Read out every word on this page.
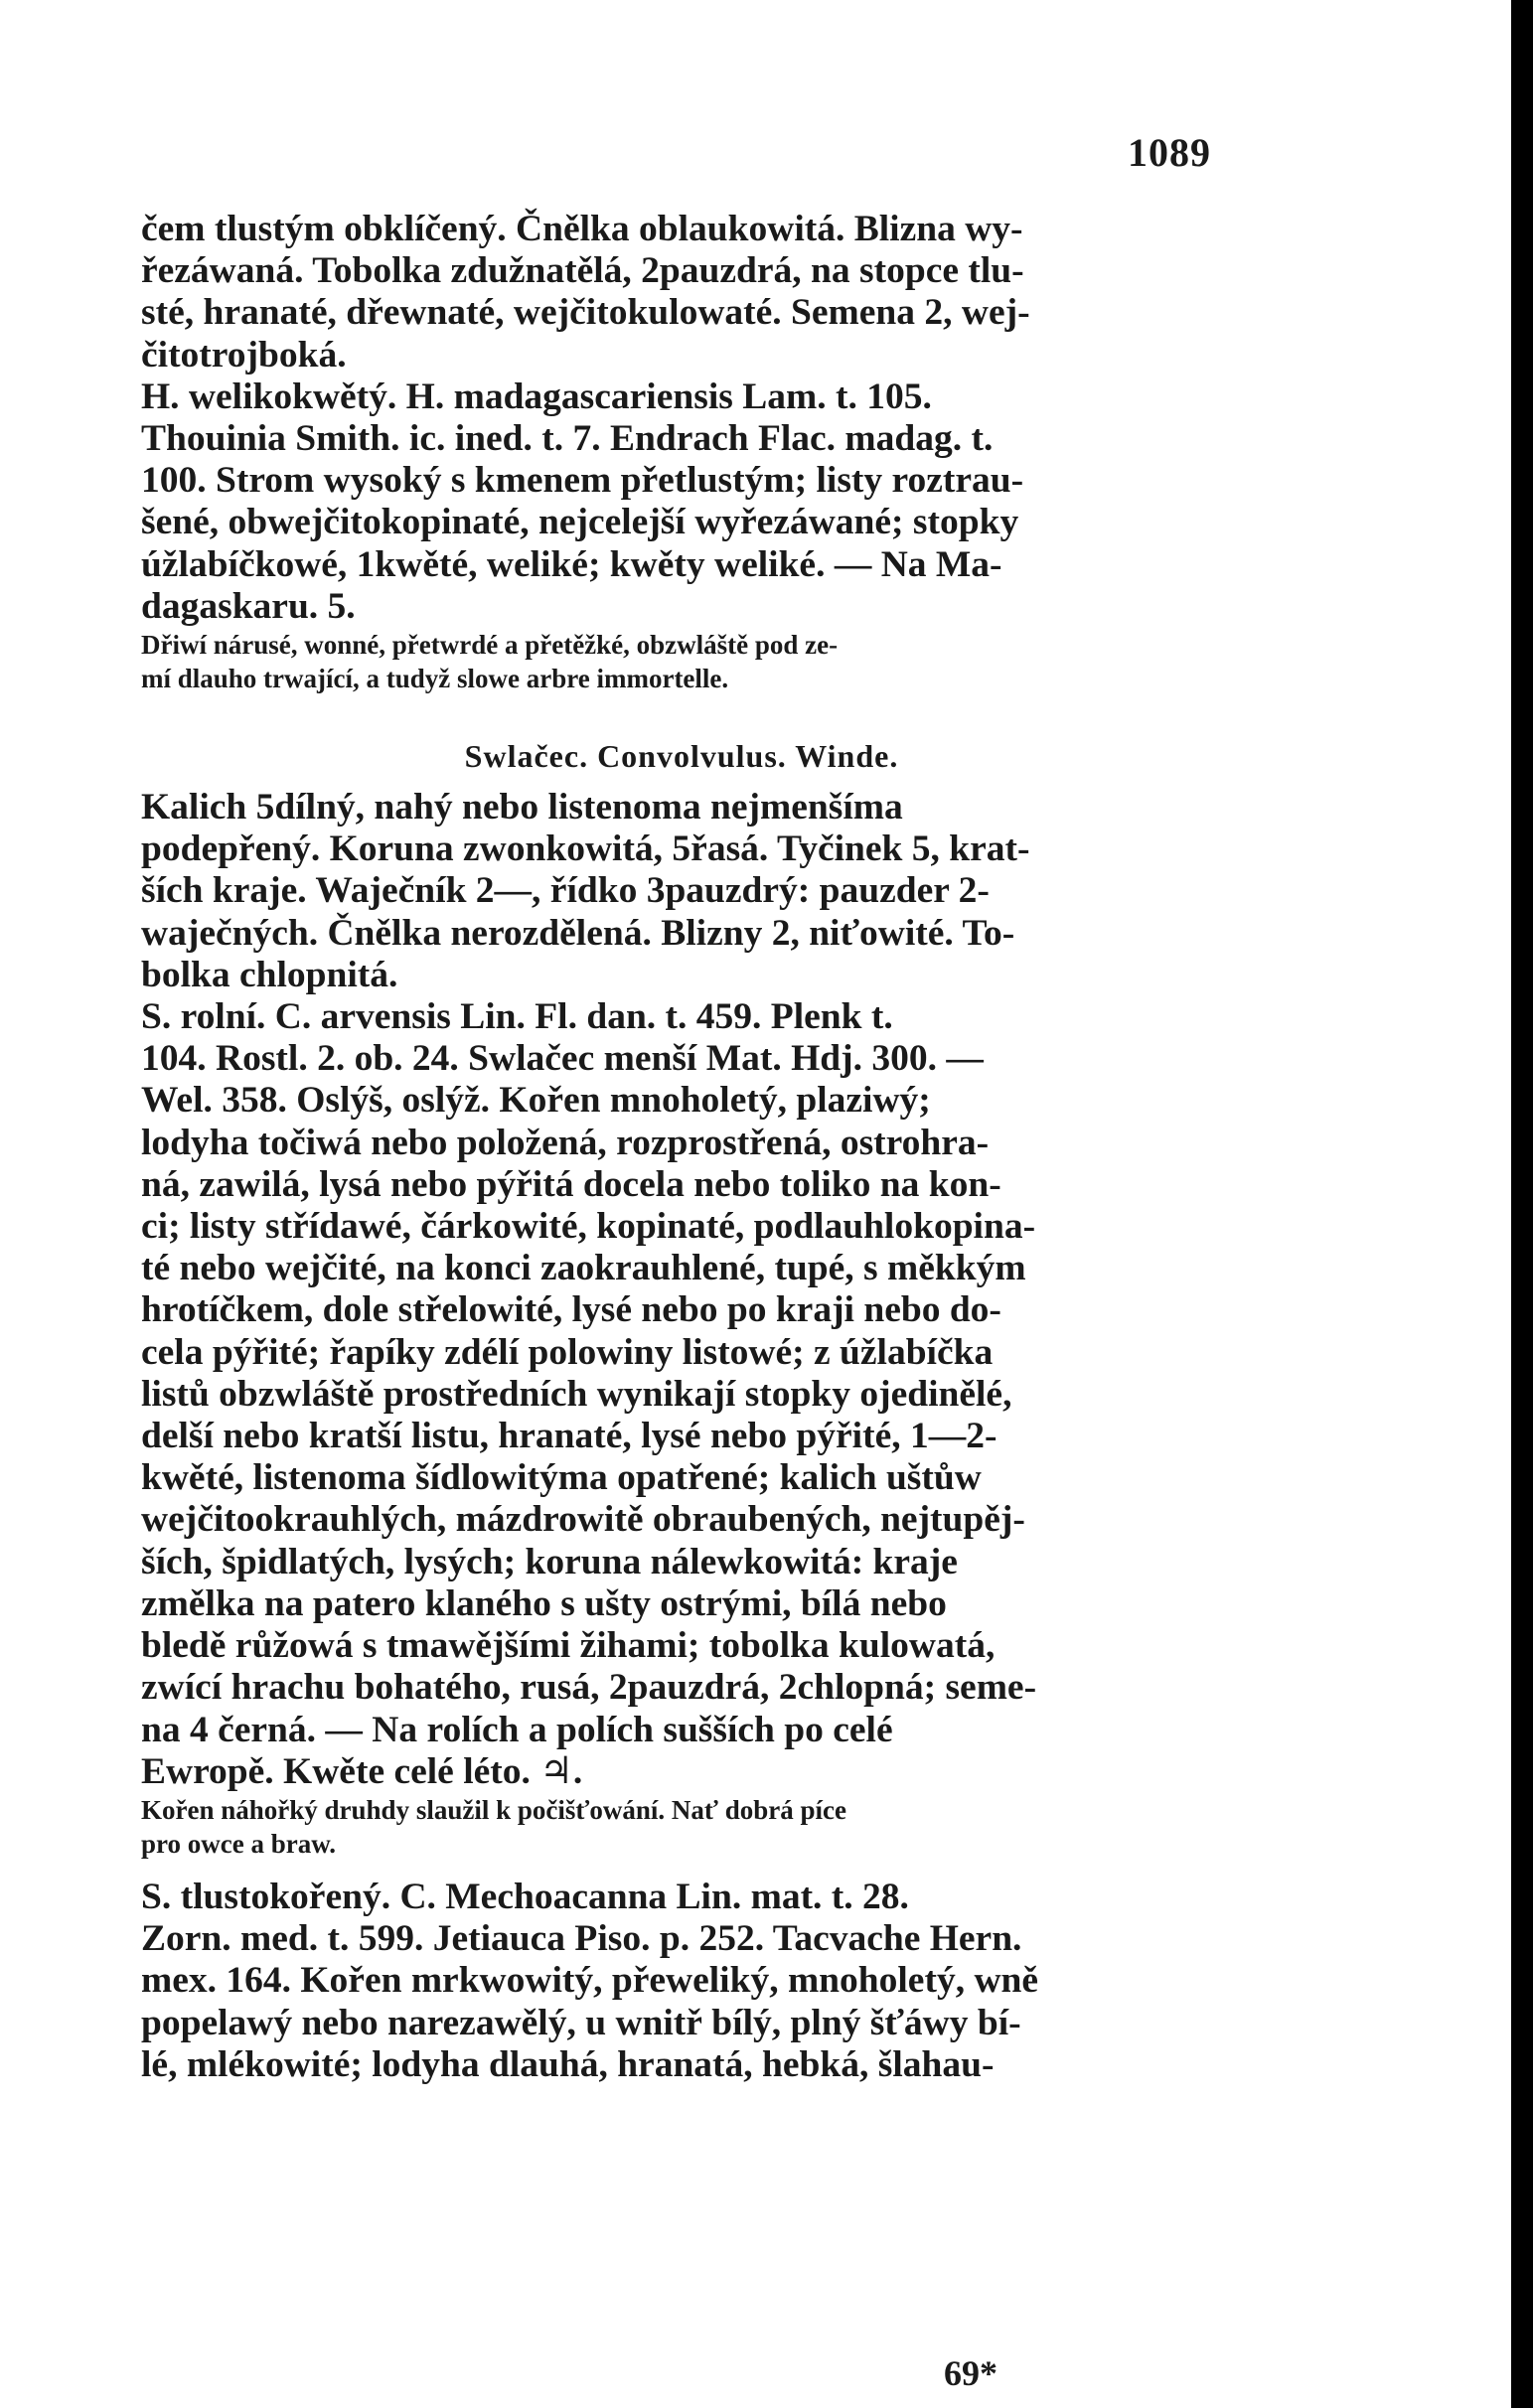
1089
čem tlustým obklíčený. Čnělka oblaukowitá. Blizna wy-
řezáwaná. Tobolka zdužnatělá, 2pauzdrá, na stopce tlu-
sté, hranaté, dřewnaté, wejčitokulowaté. Semena 2, wej-
čitotrojboká.
H. welikokwětý. H. madagascariensis Lam. t. 105.
Thouinia Smith. ic. ined. t. 7. Endrach Flac. madag. t.
100. Strom wysoký s kmenem přetlustým; listy roztrau-
šené, obwejčitokopinaté, nejcelejší wyřezáwané; stopky
úžlabíčkowé, 1kwěté, weliké; kwěty weliké. — Na Ma-
dagaskaru. 5.
Dřiwí nárusé, wonné, přetwrdé a přetěžké, obzwláště pod ze-
mí dlauho trwající, a tudyž slowe arbre immortelle.
Swlačec. Convolvulus. Winde.
Kalich 5dílný, nahý nebo listenoma nejmenšíma
podepřený. Koruna zwonkowitá, 5řasá. Tyčinek 5, krat-
ších kraje. Waječník 2—, řídko 3pauzdrý: pauzder 2-
waječných. Čnělka nerozdělená. Blizny 2, niťowité. To-
bolka chlopnitá.
S. rolní. C. arvensis Lin. Fl. dan. t. 459. Plenk t.
104. Rostl. 2. ob. 24. Swlačec menší Mat. Hdj. 300. —
Wel. 358. Oslýš, oslýž. Kořen mnoholetý, plaziwý;
lodyha točiwá nebo položená, rozprostřená, ostrohra-
ná, zawilá, lysá nebo pýřitá docela nebo toliko na kon-
ci; listy střídawé, čárkowité, kopinaté, podlauhlokopina-
té nebo wejčité, na konci zaokrauhlené, tupé, s měkkým
hrotíčkem, dole střelowité, lysé nebo po kraji nebo do-
cela pýřité; řapíky zdélí polowiny listowé; z úžlabíčka
listů obzwláště prostředních wynikají stopky ojedinělé,
delší nebo kratší listu, hranaté, lysé nebo pýřité, 1—2-
kwěté, listenoma šídlowitýma opatřené; kalich uštůw
wejčitookrauhlých, mázdrowitě obraubených, nejtupěj-
ších, špidlatých, lysých; koruna nálewkowitá: kraje
změlka na patero klaného s ušty ostrými, bílá nebo
bledě růžowá s tmawějšími žihami; tobolka kulowatá,
zwící hrachu bohatého, rusá, 2pauzdrá, 2chlopná; seme-
na 4 černá. — Na rolích a polích sušších po celé
Ewropě. Kwěte celé léto. ♃.
Kořen náhořký druhdy slaužil k počišťowání. Nať dobrá píce
pro owce a braw.
S. tlustokořený. C. Mechoacanna Lin. mat. t. 28.
Zorn. med. t. 599. Jetiauca Piso. p. 252. Tacvache Hern.
mex. 164. Kořen mrkwowitý, přeweliký, mnoholetý, wně
popelawý nebo narezawělý, u wnitř bílý, plný šťáwy bí-
lé, mlékowité; lodyha dlauhá, hranatá, hebká, šlahau-
69*
